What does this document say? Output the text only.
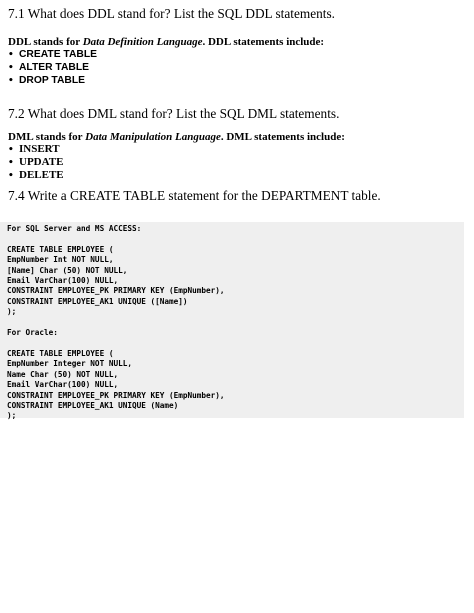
7.1 What does DDL stand for? List the SQL DDL statements.
DDL stands for Data Definition Language. DDL statements include:
• CREATE TABLE
• ALTER TABLE
• DROP TABLE
7.2 What does DML stand for? List the SQL DML statements.
DML stands for Data Manipulation Language. DML statements include:
• INSERT
• UPDATE
• DELETE
7.4 Write a CREATE TABLE statement for the DEPARTMENT table.
For SQL Server and MS ACCESS:

CREATE TABLE EMPLOYEE (
EmpNumber Int NOT NULL,
[Name] Char (50) NOT NULL,
Email VarChar(100) NULL,
CONSTRAINT EMPLOYEE_PK PRIMARY KEY (EmpNumber),
CONSTRAINT EMPLOYEE_AK1 UNIQUE ([Name])
);

For Oracle:

CREATE TABLE EMPLOYEE (
EmpNumber Integer NOT NULL,
Name Char (50) NOT NULL,
Email VarChar(100) NULL,
CONSTRAINT EMPLOYEE_PK PRIMARY KEY (EmpNumber),
CONSTRAINT EMPLOYEE_AK1 UNIQUE (Name)
);
